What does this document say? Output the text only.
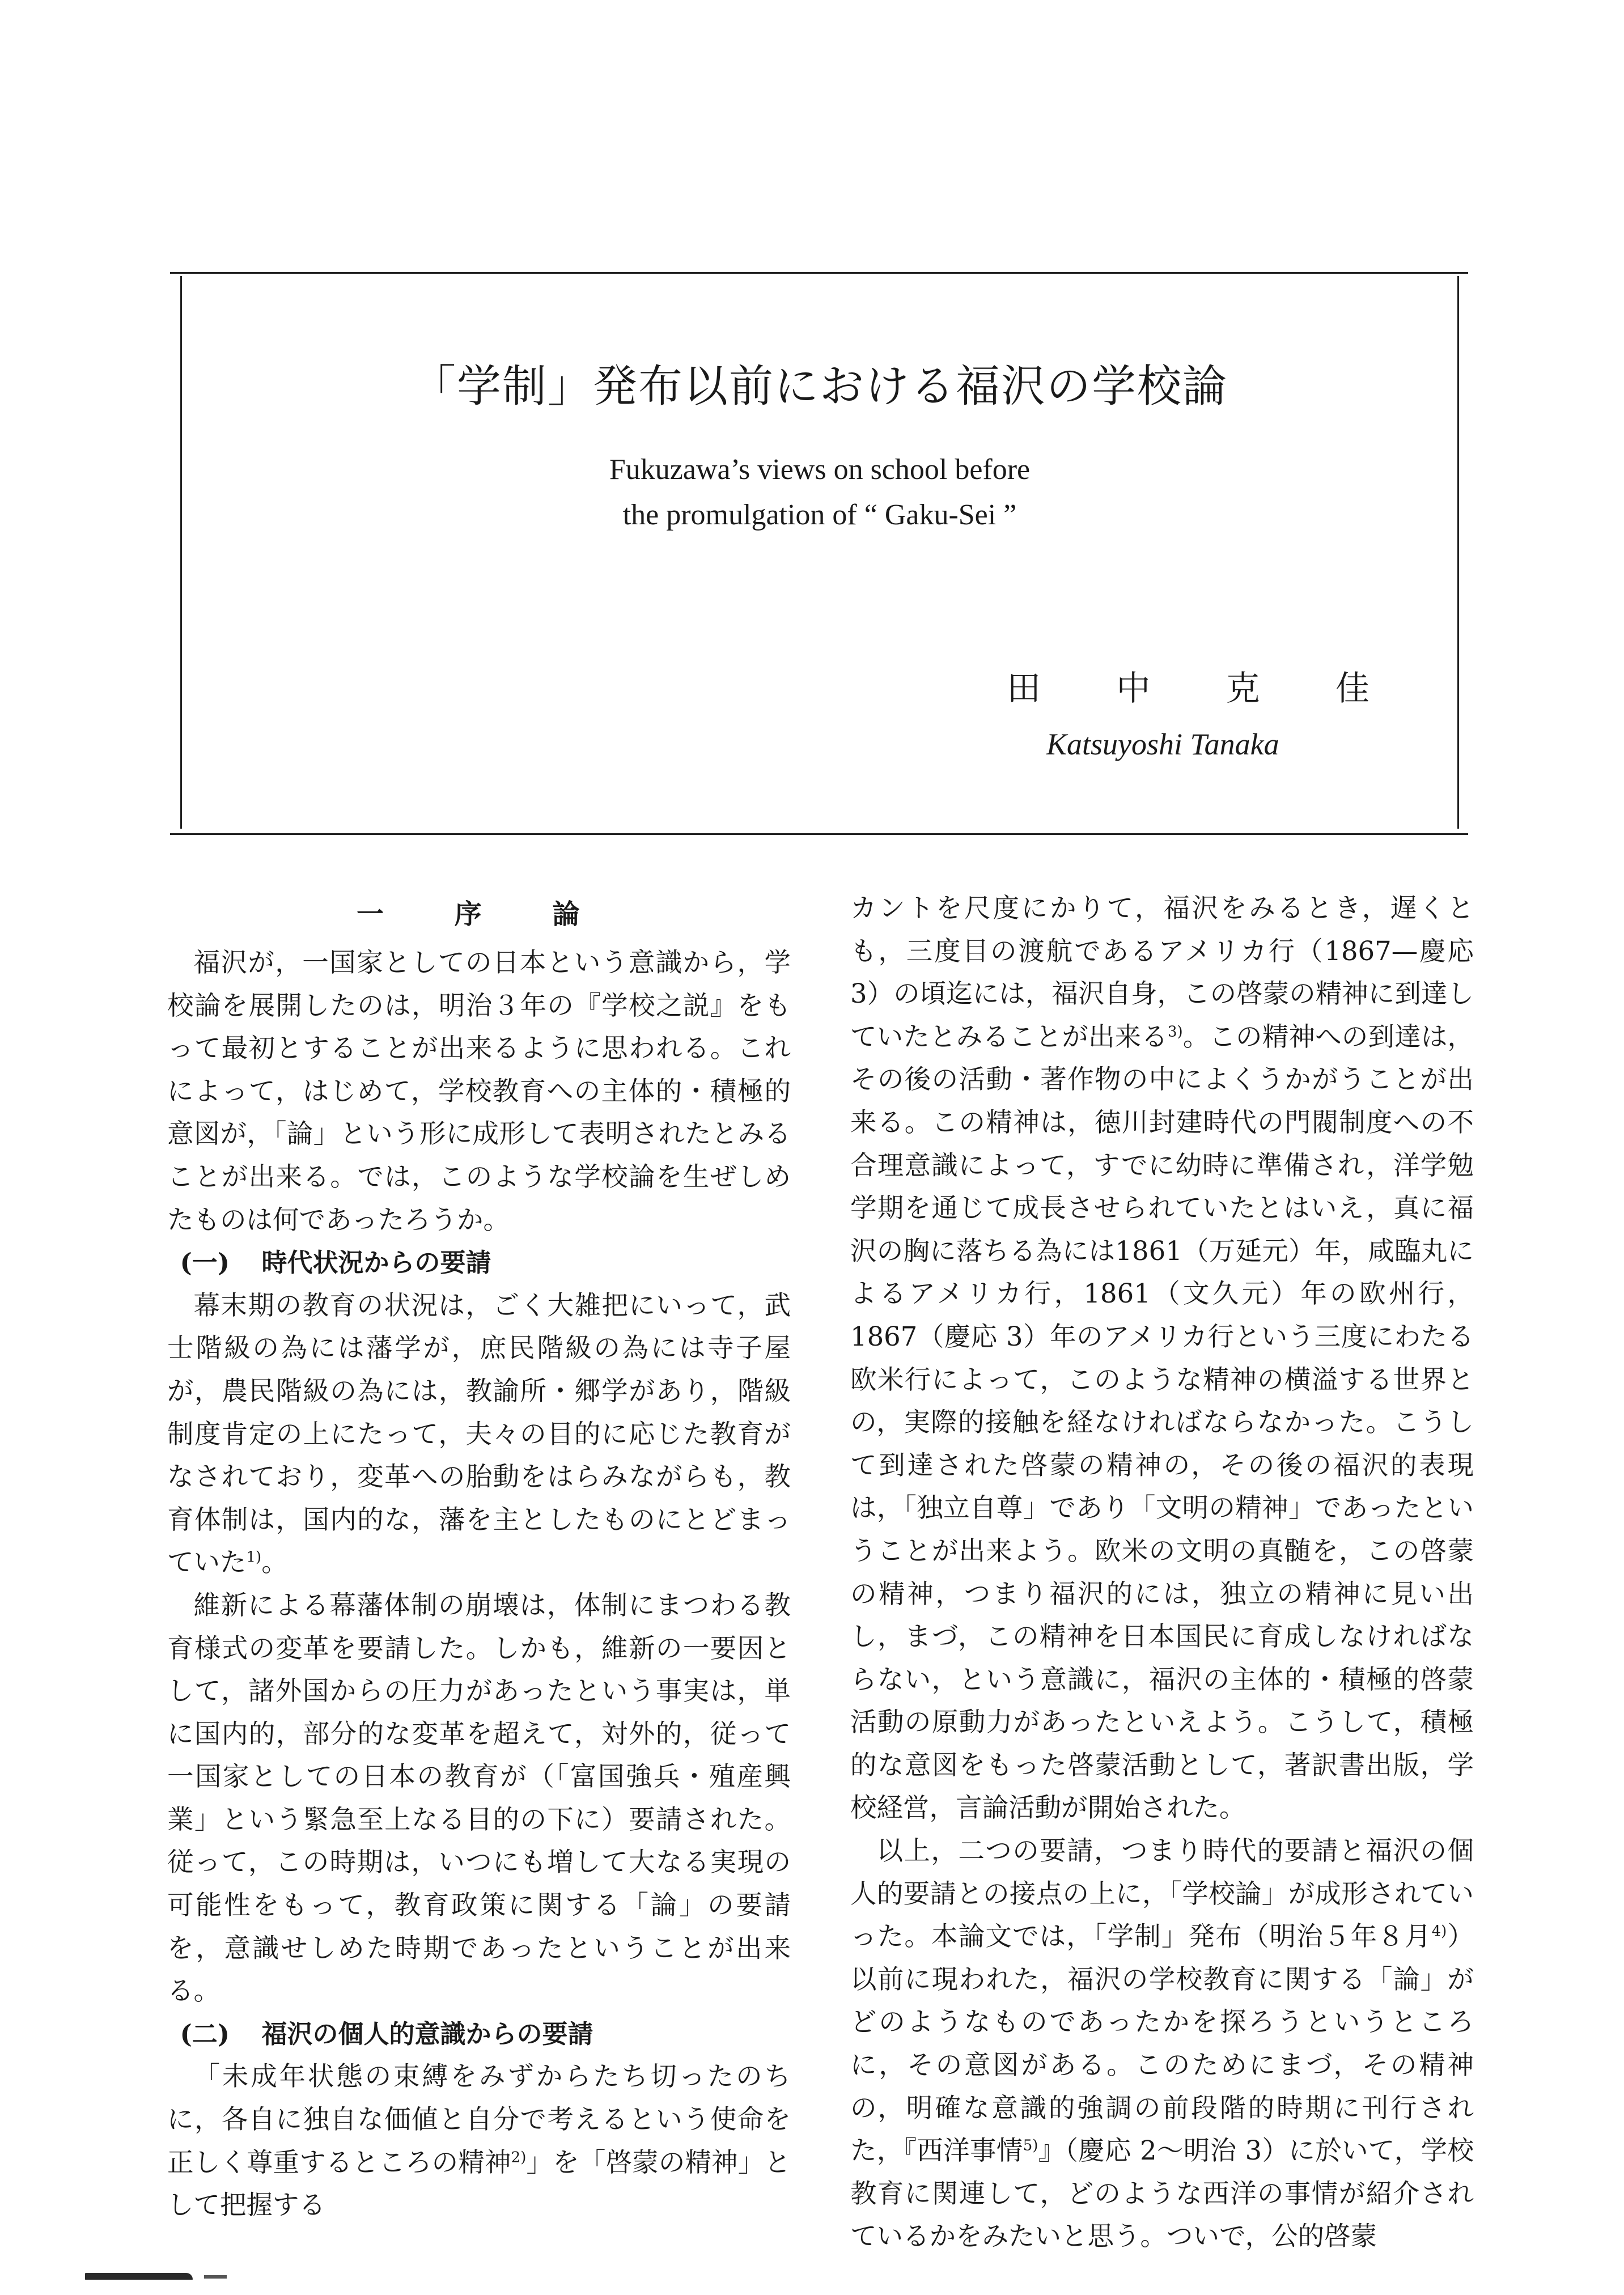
「学制」発布以前における福沢の学校論
Fukuzawa’s views on school before
the promulgation of “ Gaku-Sei ”
田 中 克 佳
Katsuyoshi Tanaka
一　序　論

福沢が，一国家としての日本という意識から，学校論を展開したのは，明治３年の『学校之説』をもって最初とすることが出来るように思われる。これによって，はじめて，学校教育への主体的・積極的意図が，「論」という形に成形して表明されたとみることが出来る。では，このような学校論を生ぜしめたものは何であったろうか。

(一) 時代状況からの要請

幕末期の教育の状況は，ごく大雑把にいって，武士階級の為には藩学が，庶民階級の為には寺子屋が，農民階級の為には，教諭所・郷学があり，階級制度肯定の上にたって，夫々の目的に応じた教育がなされており，変革への胎動をはらみながらも，教育体制は，国内的な，藩を主としたものにとどまっていた$^{1)}$。

維新による幕藩体制の崩壊は，体制にまつわる教育様式の変革を要請した。しかも，維新の一要因として，諸外国からの圧力があったという事実は，単に国内的，部分的な変革を超えて，対外的，従って一国家としての日本の教育が（「富国強兵・殖産興業」という緊急至上なる目的の下に）要請された。従って，この時期は，いつにも増して大なる実現の可能性をもって，教育政策に関する「論」の要請を，意識せしめた時期であったということが出来る。

(二) 福沢の個人的意識からの要請

「未成年状態の束縛をみずからたち切ったのちに，各自に独自な価値と自分で考えるという使命を正しく尊重するところの精神$^{2)}$」を「啓蒙の精神」として把握する

カントを尺度にかりて，福沢をみるとき，遅くとも，三度目の渡航であるアメリカ行（1867—慶応 3）の頃迄には，福沢自身，この啓蒙の精神に到達していたとみることが出来る$^{3)}$。この精神への到達は，その後の活動・著作物の中によくうかがうことが出来る。この精神は，徳川封建時代の門閥制度への不合理意識によって，すでに幼時に準備され，洋学勉学期を通じて成長させられていたとはいえ，真に福沢の胸に落ちる為には1861（万延元）年，咸臨丸によるアメリカ行，1861（文久元）年の欧州行，1867（慶応 3）年のアメリカ行という三度にわたる欧米行によって，このような精神の横溢する世界との，実際的接触を経なければならなかった。こうして到達された啓蒙の精神の，その後の福沢的表現は，「独立自尊」であり「文明の精神」であったということが出来よう。欧米の文明の真髄を，この啓蒙の精神，つまり福沢的には，独立の精神に見い出し，まづ，この精神を日本国民に育成しなければならない，という意識に，福沢の主体的・積極的啓蒙活動の原動力があったといえよう。こうして，積極的な意図をもった啓蒙活動として，著訳書出版，学校経営，言論活動が開始された。

以上，二つの要請，つまり時代的要請と福沢の個人的要請との接点の上に，「学校論」が成形されていった。本論文では，「学制」発布（明治５年８月$^{4)}$）以前に現われた，福沢の学校教育に関する「論」がどのようなものであったかを探ろうというところに，その意図がある。このためにまづ，その精神の，明確な意識的強調の前段階的時期に刊行された，『西洋事情$^{5)}$』（慶応 2～明治 3）に於いて，学校教育に関連して，どのような西洋の事情が紹介されているかをみたいと思う。ついで，公的啓蒙
